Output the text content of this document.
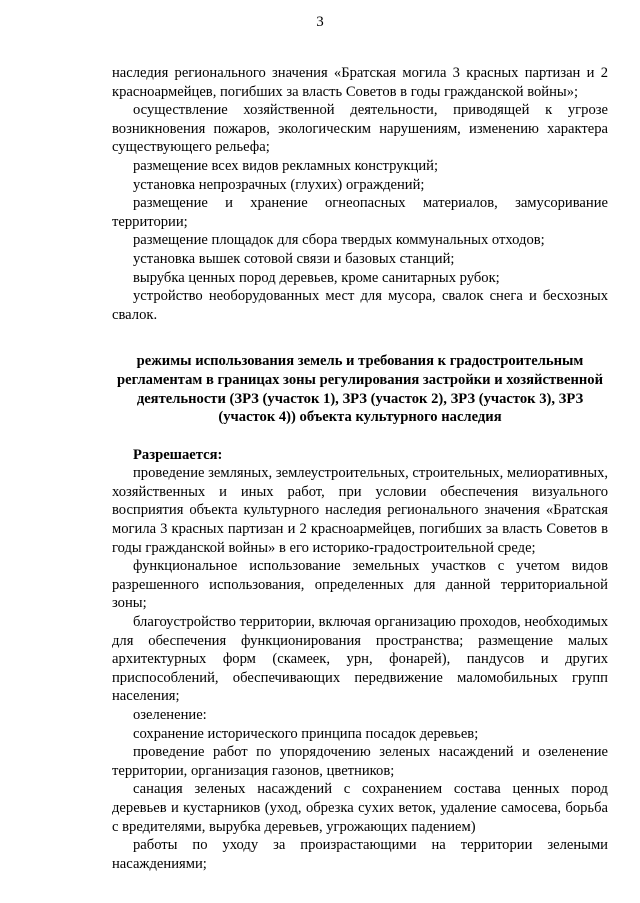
3

наследия регионального значения «Братская могила 3 красных партизан и 2 красноармейцев, погибших за власть Советов в годы гражданской войны»;

осуществление хозяйственной деятельности, приводящей к угрозе возникновения пожаров, экологическим нарушениям, изменению характера существующего рельефа;

размещение всех видов рекламных конструкций;

установка непрозрачных (глухих) ограждений;

размещение и хранение огнеопасных материалов, замусоривание территории;

размещение площадок для сбора твердых коммунальных отходов;

установка вышек сотовой связи и базовых станций;

вырубка ценных пород деревьев, кроме санитарных рубок;

устройство необорудованных мест для мусора, свалок снега и бесхозных свалок.

режимы использования земель и требования к градостроительным регламентам в границах зоны регулирования застройки и хозяйственной деятельности (ЗРЗ (участок 1), ЗРЗ (участок 2), ЗРЗ (участок 3), ЗРЗ (участок 4)) объекта культурного наследия

Разрешается:

проведение земляных, землеустроительных, строительных, мелиоративных, хозяйственных и иных работ, при условии обеспечения визуального восприятия объекта культурного наследия регионального значения «Братская могила 3 красных партизан и 2 красноармейцев, погибших за власть Советов в годы гражданской войны» в его историко-градостроительной среде;

функциональное использование земельных участков с учетом видов разрешенного использования, определенных для данной территориальной зоны;

благоустройство территории, включая организацию проходов, необходимых для обеспечения функционирования пространства; размещение малых архитектурных форм (скамеек, урн, фонарей), пандусов и других приспособлений, обеспечивающих передвижение маломобильных групп населения;

озеленение:

сохранение исторического принципа посадок деревьев;

проведение работ по упорядочению зеленых насаждений и озеленение территории, организация газонов, цветников;

санация зеленых насаждений с сохранением состава ценных пород деревьев и кустарников (уход, обрезка сухих веток, удаление самосева, борьба с вредителями, вырубка деревьев, угрожающих падением)

работы по уходу за произрастающими на территории зелеными насаждениями;
